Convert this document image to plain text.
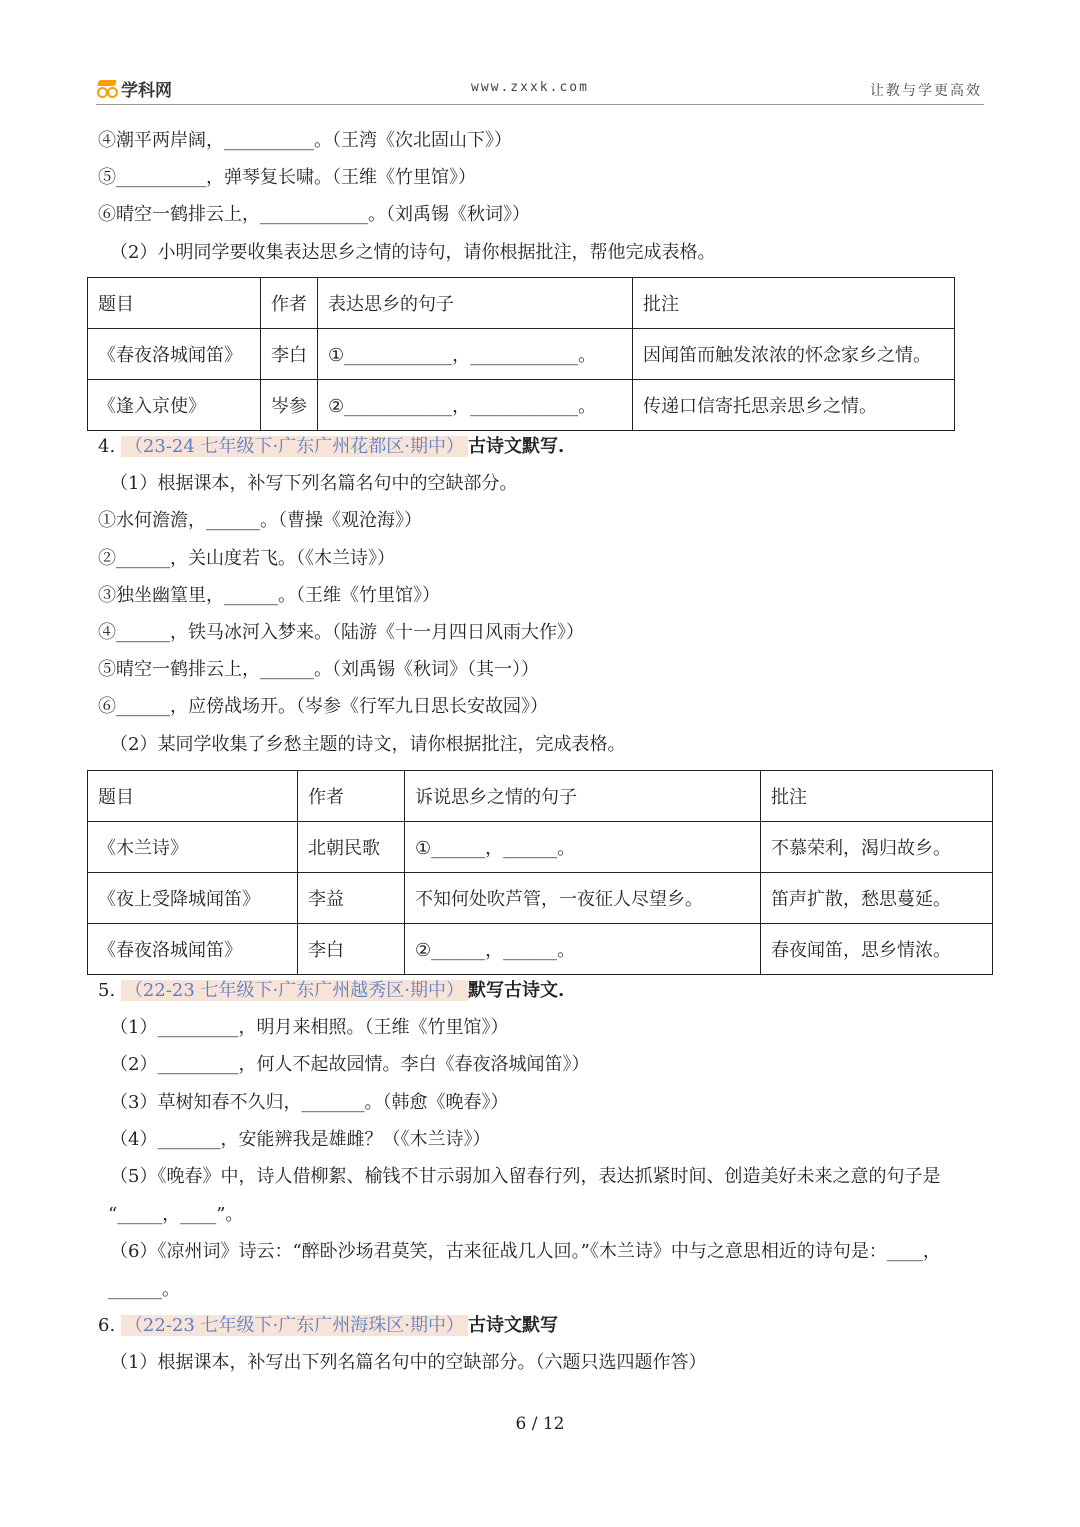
学科网	www.zxxk.com	让教与学更高效
④潮平两岸阔，__________。（王湾《次北固山下》）
⑤__________，弹琴复长啸。（王维《竹里馆》）
⑥晴空一鹤排云上，____________。（刘禹锡《秋词》）
（2）小明同学要收集表达思乡之情的诗句，请你根据批注，帮他完成表格。
题目	作者	表达思乡的句子	批注
《春夜洛城闻笛》	李白	①____________，____________。	因闻笛而触发浓浓的怀念家乡之情。
《逢入京使》	岑参	②____________，____________。	传递口信寄托思亲思乡之情。
4. （23-24 七年级下·广东广州花都区·期中） 古诗文默写.
（1）根据课本，补写下列名篇名句中的空缺部分。
①水何澹澹，______。（曹操《观沧海》）
②______，关山度若飞。（《木兰诗》）
③独坐幽篁里，______。（王维《竹里馆》）
④______，铁马冰河入梦来。（陆游《十一月四日风雨大作》）
⑤晴空一鹤排云上，______。（刘禹锡《秋词》（其一））
⑥______，应傍战场开。（岑参《行军九日思长安故园》）
（2）某同学收集了乡愁主题的诗文，请你根据批注，完成表格。
题目	作者	诉说思乡之情的句子	批注
《木兰诗》	北朝民歌	①______，______。	不慕荣利，渴归故乡。
《夜上受降城闻笛》	李益	不知何处吹芦管，一夜征人尽望乡。	笛声扩散，愁思蔓延。
《春夜洛城闻笛》	李白	②______，______。	春夜闻笛，思乡情浓。
5. （22-23 七年级下·广东广州越秀区·期中） 默写古诗文.
（1）_________，明月来相照。（王维《竹里馆》）
（2）_________，何人不起故园情。李白《春夜洛城闻笛》）
（3）草树知春不久归，_______。（韩愈《晚春》）
（4）_______，安能辨我是雄雌？（《木兰诗》）
（5）《晚春》中，诗人借柳絮、榆钱不甘示弱加入留春行列，表达抓紧时间、创造美好未来之意的句子是
“_____，____”。
（6）《凉州词》诗云：“醉卧沙场君莫笑，古来征战几人回。”《木兰诗》中与之意思相近的诗句是：____，
______。
6. （22-23 七年级下·广东广州海珠区·期中） 古诗文默写
（1）根据课本，补写出下列名篇名句中的空缺部分。（六题只选四题作答）
6 / 12
